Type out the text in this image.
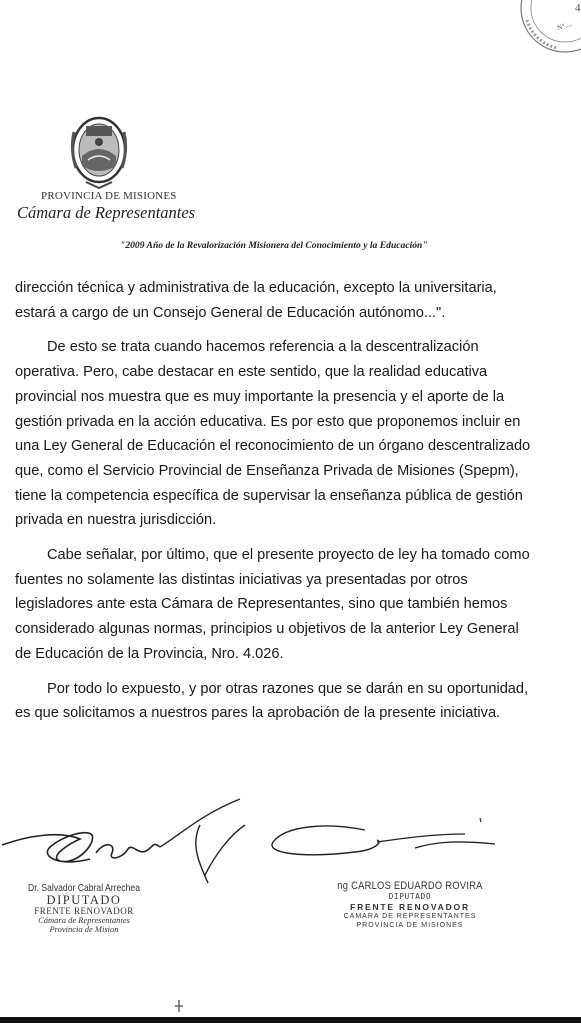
4
N°....
PROVINCIA DE MISIONES
Cámara de Representantes
"2009 Año de la Revalorización Misionera del Conocimiento y la Educación"

dirección técnica y administrativa de la educación, excepto la universitaria,
estará a cargo de un Consejo General de Educación autónomo...".

De esto se trata cuando hacemos referencia a la descentralización
operativa. Pero, cabe destacar en este sentido, que la realidad educativa
provincial nos muestra que es muy importante la presencia y el aporte de la
gestión privada en la acción educativa. Es por esto que proponemos incluir en
una Ley General de Educación el reconocimiento de un órgano descentralizado
que, como el Servicio Provincial de Enseñanza Privada de Misiones (Spepm),
tiene la competencia específica de supervisar la enseñanza pública de gestión
privada en nuestra jurisdicción.

Cabe señalar, por último, que el presente proyecto de ley ha tomado como
fuentes no solamente las distintas iniciativas ya presentadas por otros
legisladores ante esta Cámara de Representantes, sino que también hemos
considerado algunas normas, principios u objetivos de la anterior Ley General
de Educación de la Provincia, Nro. 4.026.

Por todo lo expuesto, y por otras razones que se darán en su oportunidad,
es que solicitamos a nuestros pares la aprobación de la presente iniciativa.

Dr. Salvador Cabral Arrechea
DIPUTADO
FRENTE RENOVADOR
Cámara de Representantes
Provincia de Mision
ng CARLOS EDUARDO ROVIRA
DIPUTADO
FRENTE RENOVADOR
CAMARA DE REPRESENTANTES
PROVINCIA DE MISIONES
